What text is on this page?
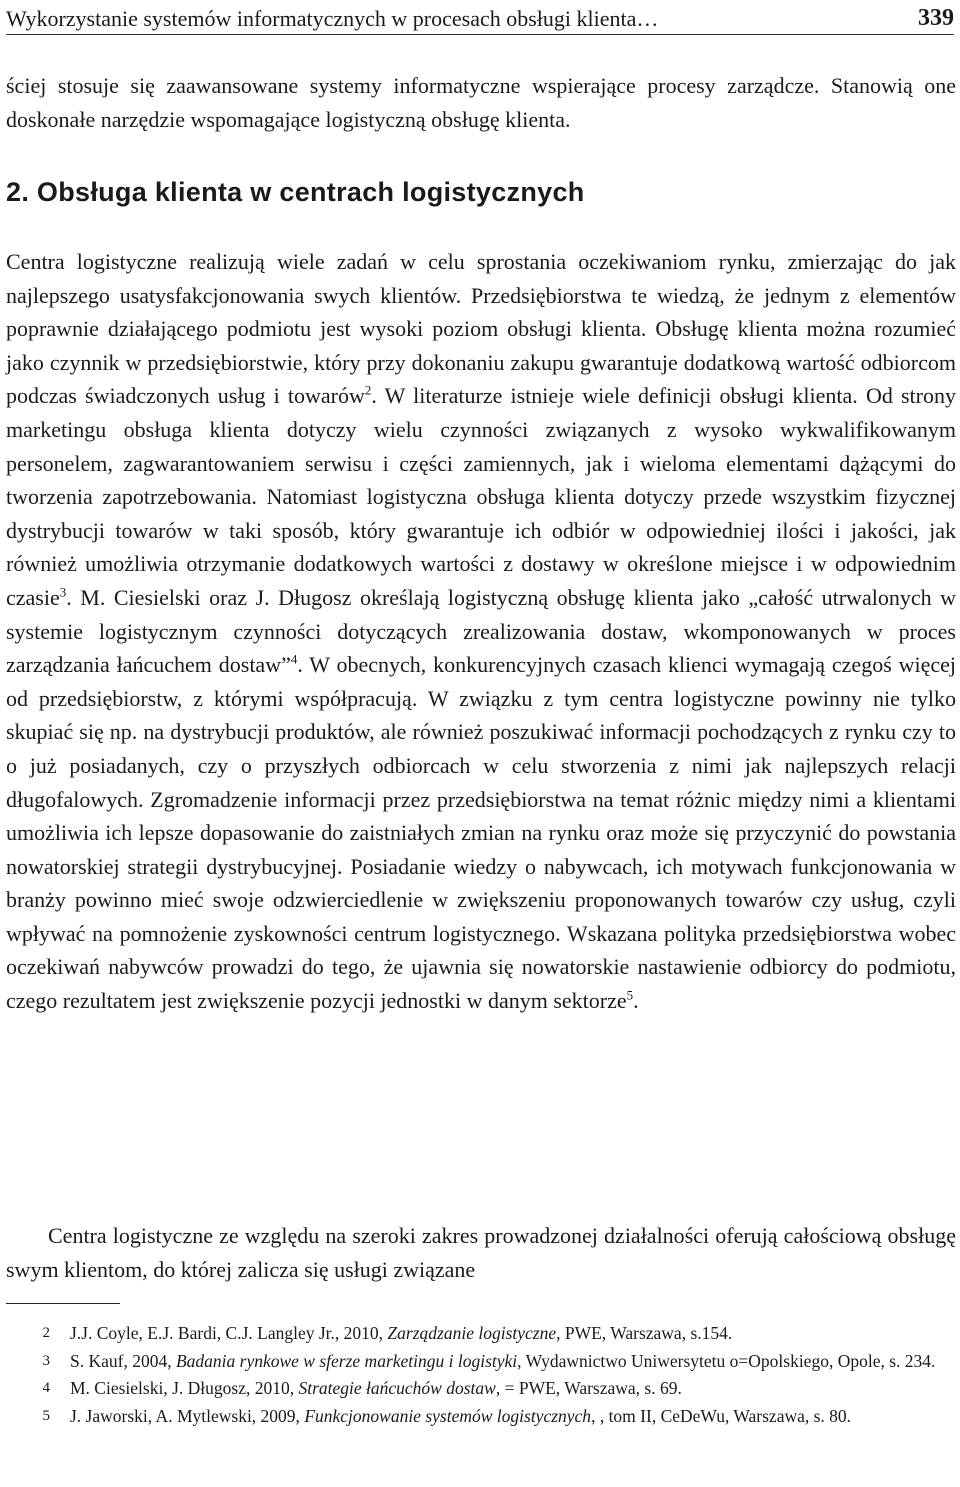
Wykorzystanie systemów informatycznych w procesach obsługi klienta…	339

ściej stosuje się zaawansowane systemy informatyczne wspierające procesy zarządcze. Stanowią one doskonałe narzędzie wspomagające logistyczną obsługę klienta.

2. Obsługa klienta w centrach logistycznych

Centra logistyczne realizują wiele zadań w celu sprostania oczekiwaniom rynku, zmierzając do jak najlepszego usatysfakcjonowania swych klientów. Przedsiębiorstwa te wiedzą, że jednym z elementów poprawnie działającego podmiotu jest wysoki poziom obsługi klienta. Obsługę klienta można rozumieć jako czynnik w przedsiębiorstwie, który przy dokonaniu zakupu gwarantuje dodatkową wartość odbiorcom podczas świadczonych usług i towarów$^2$. W literaturze istnieje wiele definicji obsługi klienta. Od strony marketingu obsługa klienta dotyczy wielu czynności związanych z wysoko wykwalifikowanym personelem, zagwarantowaniem serwisu i części zamiennych, jak i wieloma elementami dążącymi do tworzenia zapotrzebowania. Natomiast logistyczna obsługa klienta dotyczy przede wszystkim fizycznej dystrybucji towarów w taki sposób, który gwarantuje ich odbiór w odpowiedniej ilości i jakości, jak również umożliwia otrzymanie dodatkowych wartości z dostawy w określone miejsce i w odpowiednim czasie$^3$. M. Ciesielski oraz J. Długosz określają logistyczną obsługę klienta jako „całość utrwalonych w systemie logistycznym czynności dotyczących zrealizowania dostaw, wkomponowanych w proces zarządzania łańcuchem dostaw”$^4$. W obecnych, konkurencyjnych czasach klienci wymagają czegoś więcej od przedsiębiorstw, z którymi współpracują. W związku z tym centra logistyczne powinny nie tylko skupiać się np. na dystrybucji produktów, ale również poszukiwać informacji pochodzących z rynku czy to o już posiadanych, czy o przyszłych odbiorcach w celu stworzenia z nimi jak najlepszych relacji długofalowych. Zgromadzenie informacji przez przedsiębiorstwa na temat różnic między nimi a klientami umożliwia ich lepsze dopasowanie do zaistniałych zmian na rynku oraz może się przyczynić do powstania nowatorskiej strategii dystrybucyjnej. Posiadanie wiedzy o nabywcach, ich motywach funkcjonowania w branży powinno mieć swoje odzwierciedlenie w zwiększeniu proponowanych towarów czy usług, czyli wpływać na pomnożenie zyskowności centrum logistycznego. Wskazana polityka przedsiębiorstwa wobec oczekiwań nabywców prowadzi do tego, że ujawnia się nowatorskie nastawienie odbiorcy do podmiotu, czego rezultatem jest zwiększenie pozycji jednostki w danym sektorze$^5$.

Centra logistyczne ze względu na szeroki zakres prowadzonej działalności oferują całościową obsługę swym klientom, do której zalicza się usługi związane

2 J.J. Coyle, E.J. Bardi, C.J. Langley Jr., 2010, Zarządzanie logistyczne, PWE, Warszawa, s.154.

3 S. Kauf, 2004, Badania rynkowe w sferze marketingu i logistyki, Wydawnictwo Uniwersytetu o=Opolskiego, Opole, s. 234.

4 M. Ciesielski, J. Długosz, 2010, Strategie łańcuchów dostaw, = PWE, Warszawa, s. 69.

5 J. Jaworski, A. Mytlewski, 2009, Funkcjonowanie systemów logistycznych, , tom II, CeDeWu, Warszawa, s. 80.
